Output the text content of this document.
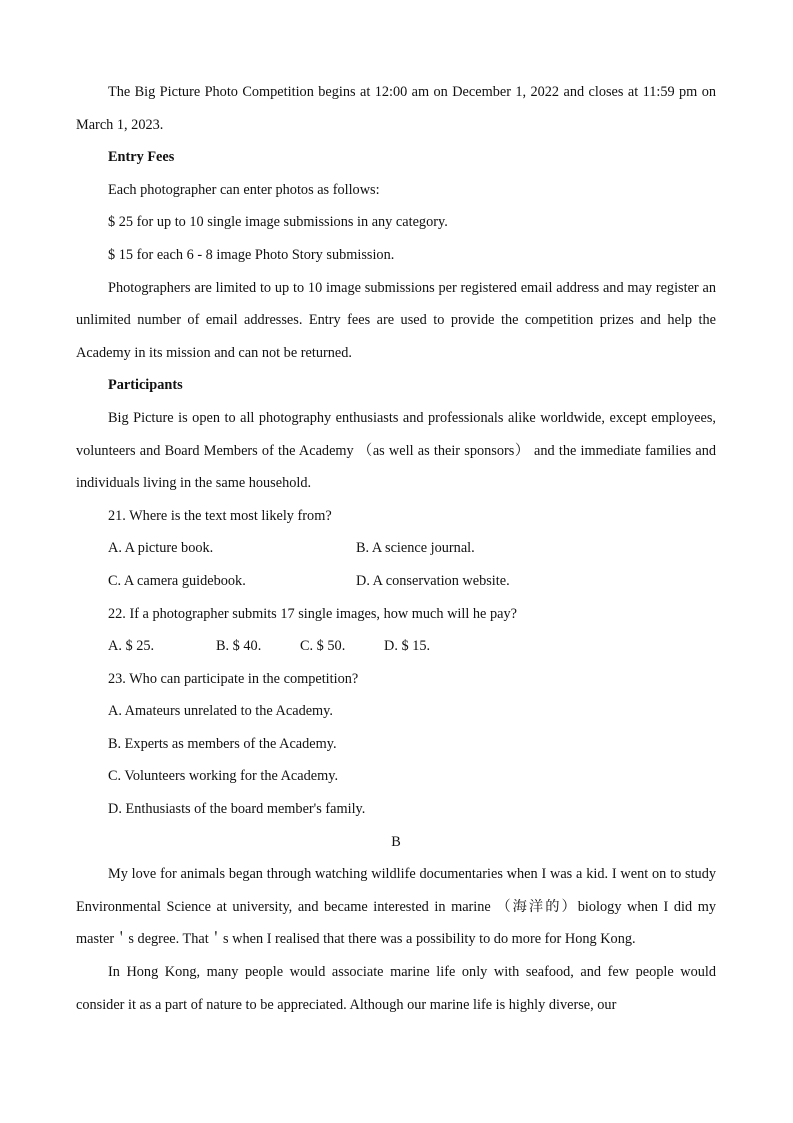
The Big Picture Photo Competition begins at 12:00 am on December 1, 2022 and closes at 11:59 pm on March 1, 2023.

Entry Fees

Each photographer can enter photos as follows:

$ 25 for up to 10 single image submissions in any category.

$ 15 for each 6 - 8 image Photo Story submission.

Photographers are limited to up to 10 image submissions per registered email address and may register an unlimited number of email addresses. Entry fees are used to provide the competition prizes and help the Academy in its mission and can not be returned.

Participants

Big Picture is open to all photography enthusiasts and professionals alike worldwide, except employees, volunteers and Board Members of the Academy （as well as their sponsors） and the immediate families and individuals living in the same household.

21. Where is the text most likely from?

A. A picture book.	B. A science journal.
C. A camera guidebook.	D. A conservation website.

22. If a photographer submits 17 single images, how much will he pay?

A. $ 25.	B. $ 40.	C. $ 50.	D. $ 15.

23. Who can participate in the competition?

A. Amateurs unrelated to the Academy.

B. Experts as members of the Academy.

C. Volunteers working for the Academy.

D. Enthusiasts of the board member's family.

B

My love for animals began through watching wildlife documentaries when I was a kid. I went on to study Environmental Science at university, and became interested in marine （海洋的）biology when I did my master＇s degree. That＇s when I realised that there was a possibility to do more for Hong Kong.

In Hong Kong, many people would associate marine life only with seafood, and few people would consider it as a part of nature to be appreciated. Although our marine life is highly diverse, our
